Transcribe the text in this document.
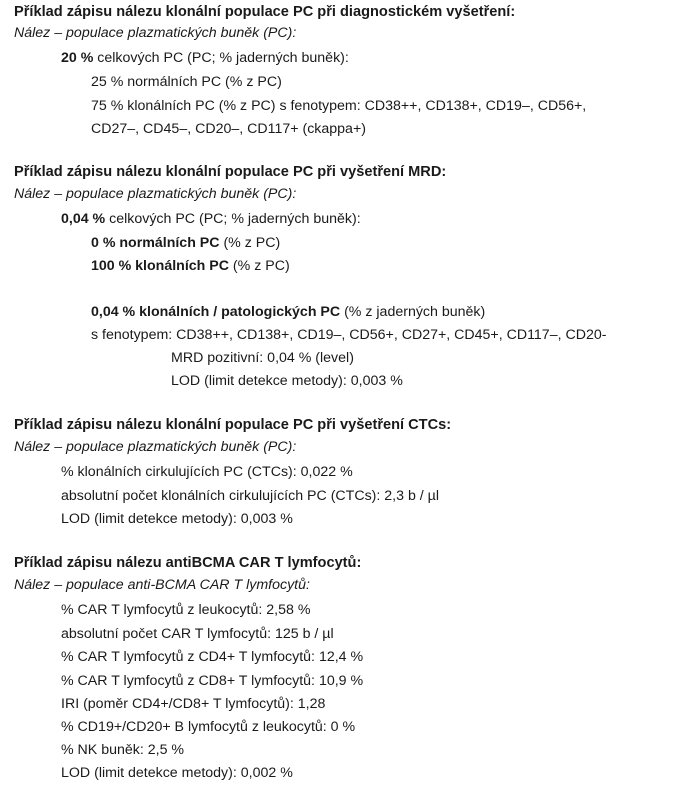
Příklad zápisu nálezu klonální populace PC při diagnostickém vyšetření:
Nález – populace plazmatických buněk (PC):
20 % celkových PC (PC; % jaderných buněk):
25 % normálních PC (% z PC)
75 % klonálních PC (% z PC) s fenotypem: CD38++, CD138+, CD19–, CD56+,
CD27–, CD45–, CD20–, CD117+ (ckappa+)
Příklad zápisu nálezu klonální populace PC při vyšetření MRD:
Nález – populace plazmatických buněk (PC):
0,04 % celkových PC (PC; % jaderných buněk):
0 % normálních PC (% z PC)
100 % klonálních PC (% z PC)
0,04 % klonálních / patologických PC (% z jaderných buněk)
s fenotypem: CD38++, CD138+, CD19–, CD56+, CD27+, CD45+, CD117–, CD20-
MRD pozitivní: 0,04 % (level)
LOD (limit detekce metody): 0,003 %
Příklad zápisu nálezu klonální populace PC při vyšetření CTCs:
Nález – populace plazmatických buněk (PC):
% klonálních cirkulujících PC (CTCs): 0,022 %
absolutní počet klonálních cirkulujících PC (CTCs): 2,3 b / µl
LOD (limit detekce metody): 0,003 %
Příklad zápisu nálezu antiBCMA CAR T lymfocytů:
Nález – populace anti-BCMA CAR T lymfocytů:
% CAR T lymfocytů z leukocytů: 2,58 %
absolutní počet CAR T lymfocytů: 125 b / µl
% CAR T lymfocytů z CD4+ T lymfocytů: 12,4 %
% CAR T lymfocytů z CD8+ T lymfocytů: 10,9 %
IRI (poměr CD4+/CD8+ T lymfocytů): 1,28
% CD19+/CD20+ B lymfocytů z leukocytů: 0 %
% NK buněk: 2,5 %
LOD (limit detekce metody): 0,002 %
